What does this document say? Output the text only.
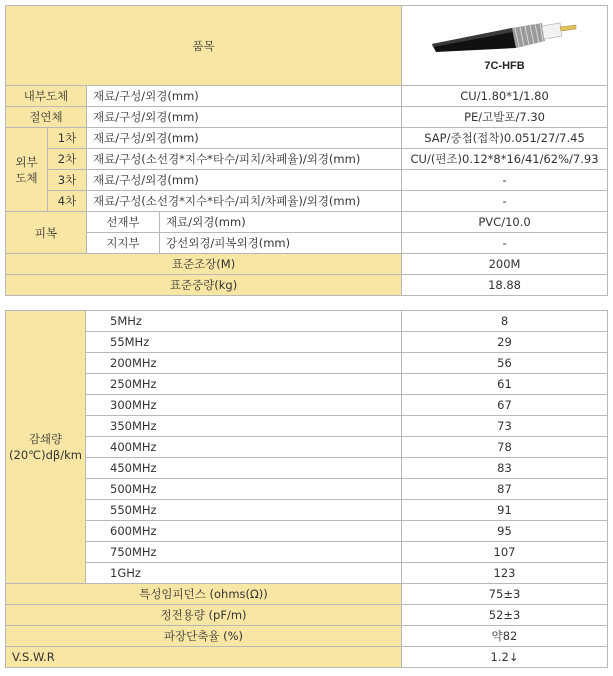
품목				7C-HFB

내부도체		재료/구성/외경(mm)		CU/1.80*1/1.80
절연체		재료/구성/외경(mm)		PE/고발포/7.30
외부
도체	1차	재료/구성/외경(mm)		SAP/중첩(접착)0.051/27/7.45
	2차	재료/구성(소선경*지수*타수/피치/차폐율)/외경(mm)		CU/(편조)0.12*8*16/41/62%/7.93
	3차	재료/구성/외경(mm)		-
	4차	재료/구성(소선경*지수*타수/피치/차폐율)/외경(mm)		-
피복		선재부	재료/외경(mm)	PVC/10.0
		지지부	강선외경/피복외경(mm)	-
표준조장(M)				200M
표준중량(kg)				18.88
감쇄량
(20℃)dβ/km	5MHz	8
	55MHz	29
	200MHz	56
	250MHz	61
	300MHz	67
	350MHz	73
	400MHz	78
	450MHz	83
	500MHz	87
	550MHz	91
	600MHz	95
	750MHz	107
	1GHz	123
특성임피던스 (ohms(Ω))		75±3
정전용량 (pF/m)		52±3
파장단축율 (%)		약82
V.S.W.R		1.2↓
